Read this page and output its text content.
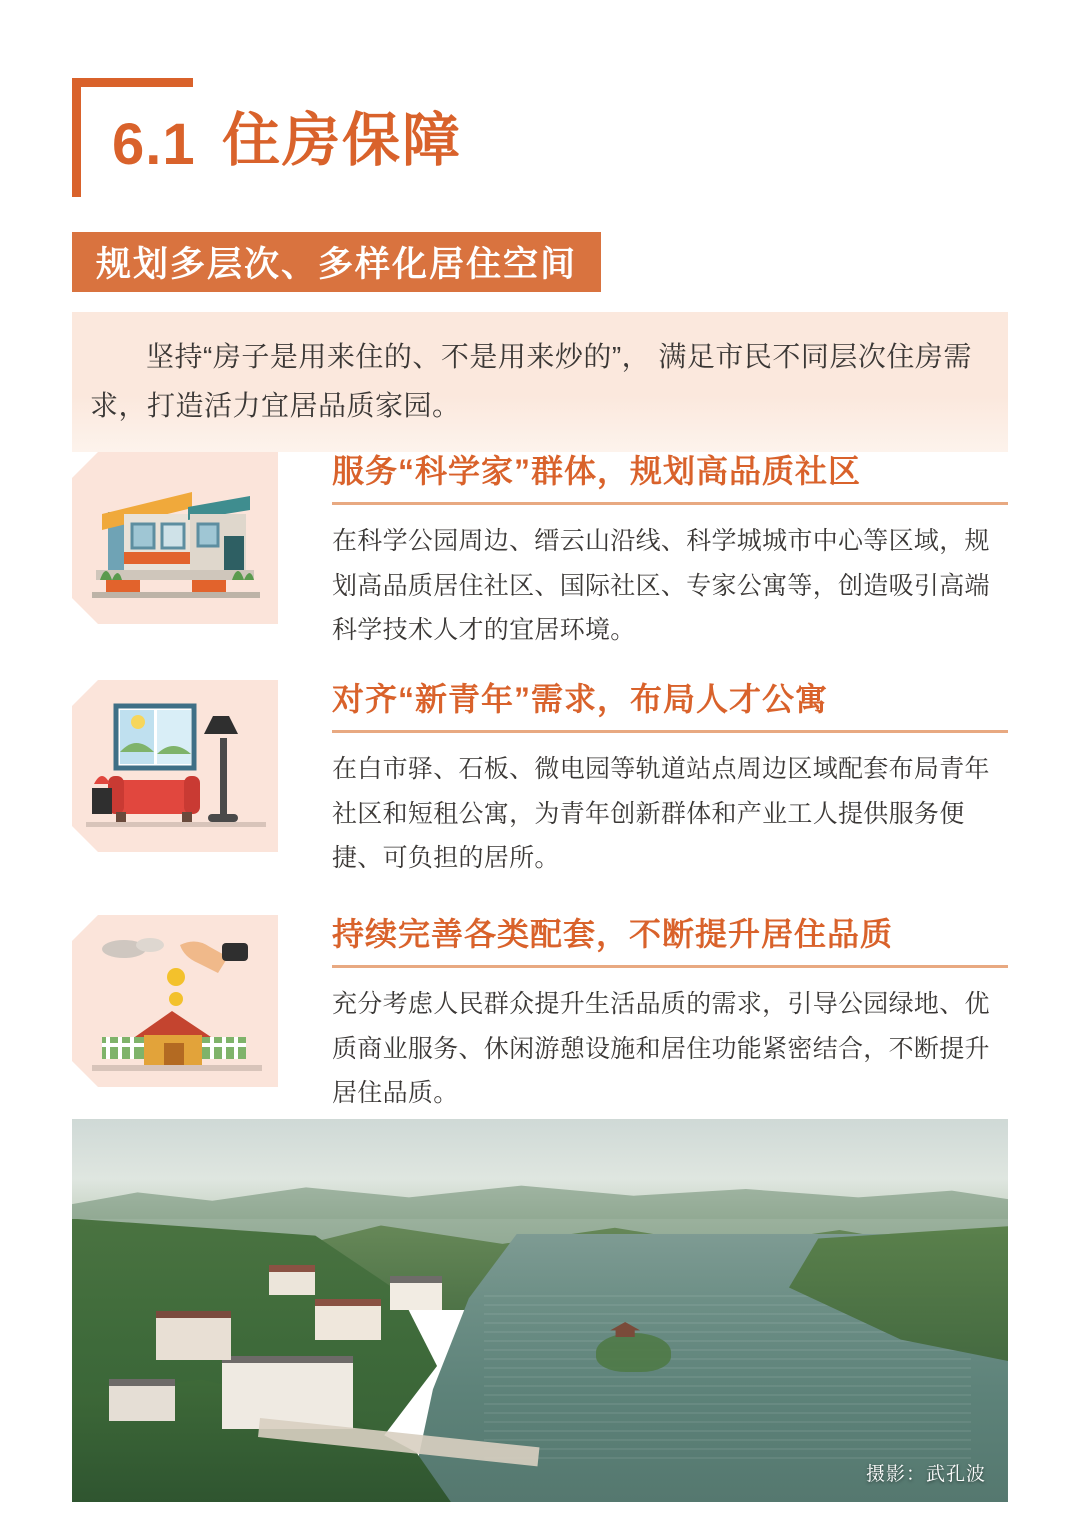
6.1 住房保障
规划多层次、多样化居住空间
坚持“房子是用来住的、不是用来炒的”， 满足市民不同层次住房需求，打造活力宜居品质家园。
服务“科学家”群体，规划高品质社区
在科学公园周边、缙云山沿线、科学城城市中心等区域，规划高品质居住社区、国际社区、专家公寓等，创造吸引高端科学技术人才的宜居环境。
对齐“新青年”需求，布局人才公寓
在白市驿、石板、微电园等轨道站点周边区域配套布局青年社区和短租公寓，为青年创新群体和产业工人提供服务便捷、可负担的居所。
持续完善各类配套，不断提升居住品质
充分考虑人民群众提升生活品质的需求，引导公园绿地、优质商业服务、休闲游憩设施和居住功能紧密结合，不断提升居住品质。
摄影：武孔波
